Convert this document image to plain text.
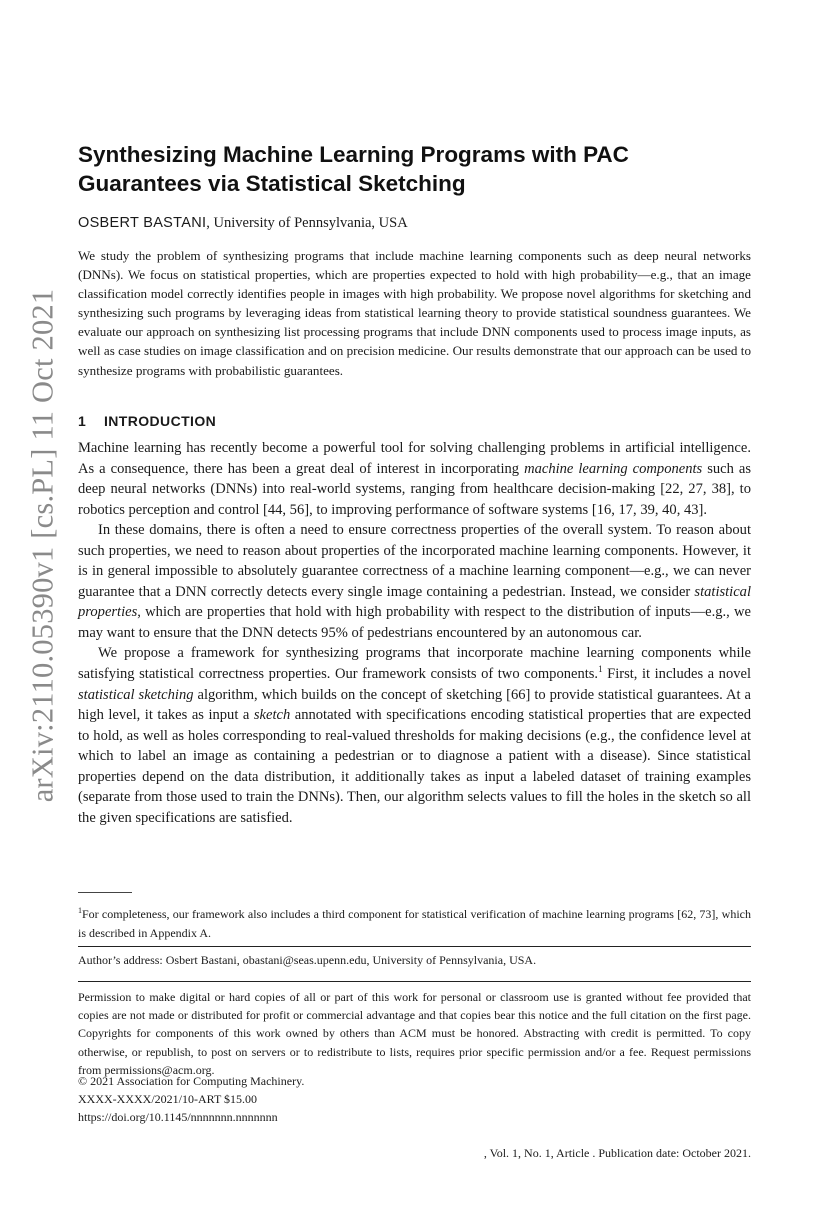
arXiv:2110.05390v1 [cs.PL] 11 Oct 2021
Synthesizing Machine Learning Programs with PAC
Guarantees via Statistical Sketching
OSBERT BASTANI, University of Pennsylvania, USA

We study the problem of synthesizing programs that include machine learning components such as deep neural networks (DNNs). We focus on statistical properties, which are properties expected to hold with high probability—e.g., that an image classification model correctly identifies people in images with high probability. We propose novel algorithms for sketching and synthesizing such programs by leveraging ideas from statistical learning theory to provide statistical soundness guarantees. We evaluate our approach on synthesizing list processing programs that include DNN components used to process image inputs, as well as case studies on image classification and on precision medicine. Our results demonstrate that our approach can be used to synthesize programs with probabilistic guarantees.

1 INTRODUCTION

Machine learning has recently become a powerful tool for solving challenging problems in artificial intelligence. As a consequence, there has been a great deal of interest in incorporating machine learning components such as deep neural networks (DNNs) into real-world systems, ranging from healthcare decision-making [22, 27, 38], to robotics perception and control [44, 56], to improving performance of software systems [16, 17, 39, 40, 43].

In these domains, there is often a need to ensure correctness properties of the overall system. To reason about such properties, we need to reason about properties of the incorporated machine learning components. However, it is in general impossible to absolutely guarantee correctness of a machine learning component—e.g., we can never guarantee that a DNN correctly detects every single image containing a pedestrian. Instead, we consider statistical properties, which are properties that hold with high probability with respect to the distribution of inputs—e.g., we may want to ensure that the DNN detects 95% of pedestrians encountered by an autonomous car.

We propose a framework for synthesizing programs that incorporate machine learning components while satisfying statistical correctness properties. Our framework consists of two components.$^1$ First, it includes a novel statistical sketching algorithm, which builds on the concept of sketching [66] to provide statistical guarantees. At a high level, it takes as input a sketch annotated with specifications encoding statistical properties that are expected to hold, as well as holes corresponding to real-valued thresholds for making decisions (e.g., the confidence level at which to label an image as containing a pedestrian or to diagnose a patient with a disease). Since statistical properties depend on the data distribution, it additionally takes as input a labeled dataset of training examples (separate from those used to train the DNNs). Then, our algorithm selects values to fill the holes in the sketch so all the given specifications are satisfied.

$^1$For completeness, our framework also includes a third component for statistical verification of machine learning programs [62, 73], which is described in Appendix A.
Author’s address: Osbert Bastani, obastani@seas.upenn.edu, University of Pennsylvania, USA.
Permission to make digital or hard copies of all or part of this work for personal or classroom use is granted without fee provided that copies are not made or distributed for profit or commercial advantage and that copies bear this notice and the full citation on the first page. Copyrights for components of this work owned by others than ACM must be honored. Abstracting with credit is permitted. To copy otherwise, or republish, to post on servers or to redistribute to lists, requires prior specific permission and/or a fee. Request permissions from permissions@acm.org.
© 2021 Association for Computing Machinery.
XXXX-XXXX/2021/10-ART $15.00
https://doi.org/10.1145/nnnnnnn.nnnnnnn
, Vol. 1, No. 1, Article . Publication date: October 2021.
